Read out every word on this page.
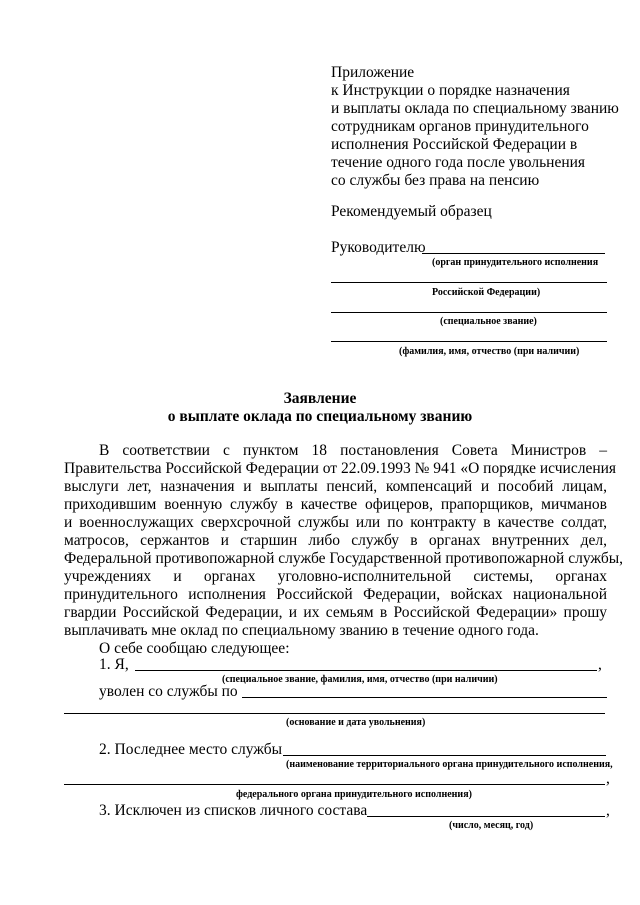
Приложение
к Инструкции о порядке назначения
и выплаты оклада по специальному званию
сотрудникам органов принудительного
исполнения Российской Федерации в
течение одного года после увольнения
со службы без права на пенсию
Рекомендуемый образец
Руководителю
(орган принудительного исполнения
Российской Федерации)
(специальное звание)
(фамилия, имя, отчество (при наличии)
Заявление
о выплате оклада по специальному званию
В соответствии с пунктом 18 постановления Совета Министров –
Правительства Российской Федерации от 22.09.1993 № 941 «О порядке исчисления
выслуги лет, назначения и выплаты пенсий, компенсаций и пособий лицам,
приходившим военную службу в качестве офицеров, прапорщиков, мичманов
и военнослужащих сверхсрочной службы или по контракту в качестве солдат,
матросов, сержантов и старшин либо службу в органах внутренних дел,
Федеральной противопожарной службе Государственной противопожарной службы,
учреждениях и органах уголовно-исполнительной системы, органах
принудительного исполнения Российской Федерации, войсках национальной
гвардии Российской Федерации, и их семьям в Российской Федерации» прошу
выплачивать мне оклад по специальному званию в течение одного года.
О себе сообщаю следующее:
1. Я,	,
(специальное звание, фамилия, имя, отчество (при наличии)
уволен со службы по
(основание и дата увольнения)
2. Последнее место службы
(наименование территориального органа принудительного исполнения,
,
федерального органа принудительного исполнения)
3. Исключен из списков личного состава	,
(число, месяц, год)
